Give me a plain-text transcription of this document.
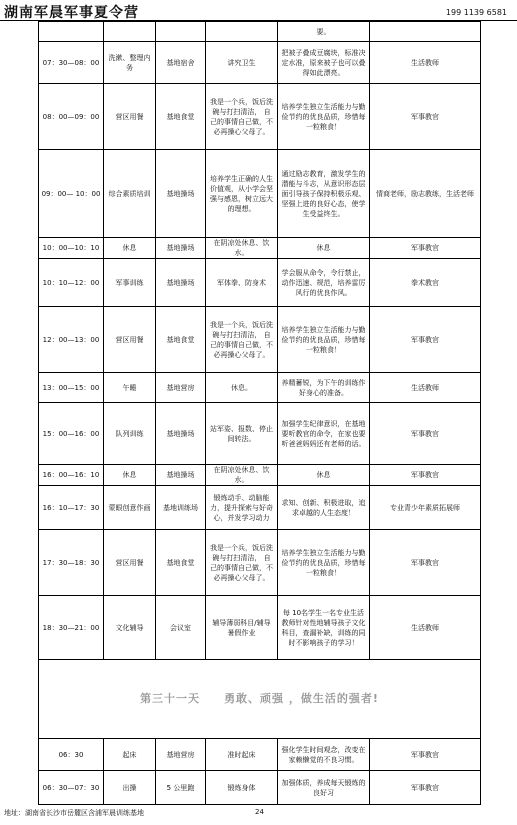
湖南军晨军事夏令营	199 1139 6581
				要。	
07：30—08：00	洗漱、整理内务	基地宿舍	讲究卫生	把被子叠成豆腐块，标准决定水准，原来被子也可以叠得如此漂亮。	生活教师
08：00—09：00	营区用餐	基地食堂	我是一个兵，饭后洗碗与打扫清洁， 自己的事情自己做，不必再操心父母了。	培养学生独立生活能力与勤俭节约的优良品质，珍惜每一粒粮食！	军事教官
09：00— 10：00	综合素质培训	基地操场	培养学生正确的人生价值观，从小学会坚强与感恩，树立远大的理想。	通过励志教育，激发学生的潜能与斗志，从意识形态层面引导孩子保持积极乐观、坚强上进的良好心态，使学生受益终生。	情商老师，励志教练，生活老师
10：00—10：10	休息	基地操场	在阴凉处休息、饮水。	休息	军事教官
10：10—12：00	军事训练	基地操场	军体拳、防身术	学会服从命令，令行禁止，动作迅速、规范，培养雷厉风行的优良作风。	拳术教官
12：00—13：00	营区用餐	基地食堂	我是一个兵，饭后洗碗与打扫清洁， 自己的事情自己做，不必再操心父母了。	培养学生独立生活能力与勤俭节约的优良品质，珍惜每一粒粮食！	军事教官
13：00—15：00	午睡	基地营房	休息。	养精蓄锐，为下午的训练作好身心的准备。	生活教师
15：00—16：00	队列训练	基地操场	站军姿、报数、停止间转法。	加强学生纪律意识，在基地要听教官的命令，在家也要听爸爸妈妈还有老师的话。	军事教官
16：00—16：10	休息	基地操场	在阴凉处休息、饮水。	休息	军事教官
16：10—17：30	蒙眼创意作画	基地训练场	锻炼动手、动脑能力，提升探索与好奇心，并发学习动力	求知、创新、积极进取，追求卓越的人生态度！	专业青少年素质拓展师
17：30—18：30	营区用餐	基地食堂	我是一个兵，饭后洗碗与打扫清洁， 自己的事情自己做，不必再操心父母了。	培养学生独立生活能力与勤俭节约的优良品质，珍惜每一粒粮食！	军事教官
18：30—21：00	文化辅导	会议室	辅导薄弱科目/辅导暑假作业	每 10名学生一名专业生活教师针对性地辅导孩子文化科目，查漏补缺，训练的同时不影响孩子的学习！	生活教师
第三十一天 勇敢、顽强 ，做生活的强者!					
06：30	起床	基地营房	准时起床	强化学生时间观念，改变在家赖懒觉的不良习惯。	军事教官
06：30—07：30	出操	5 公里跑	锻炼身体	加强体质，养成每天锻炼的良好习	军事教官
地址：湖南省长沙市岳麓区含浦军晨训练基地	24
